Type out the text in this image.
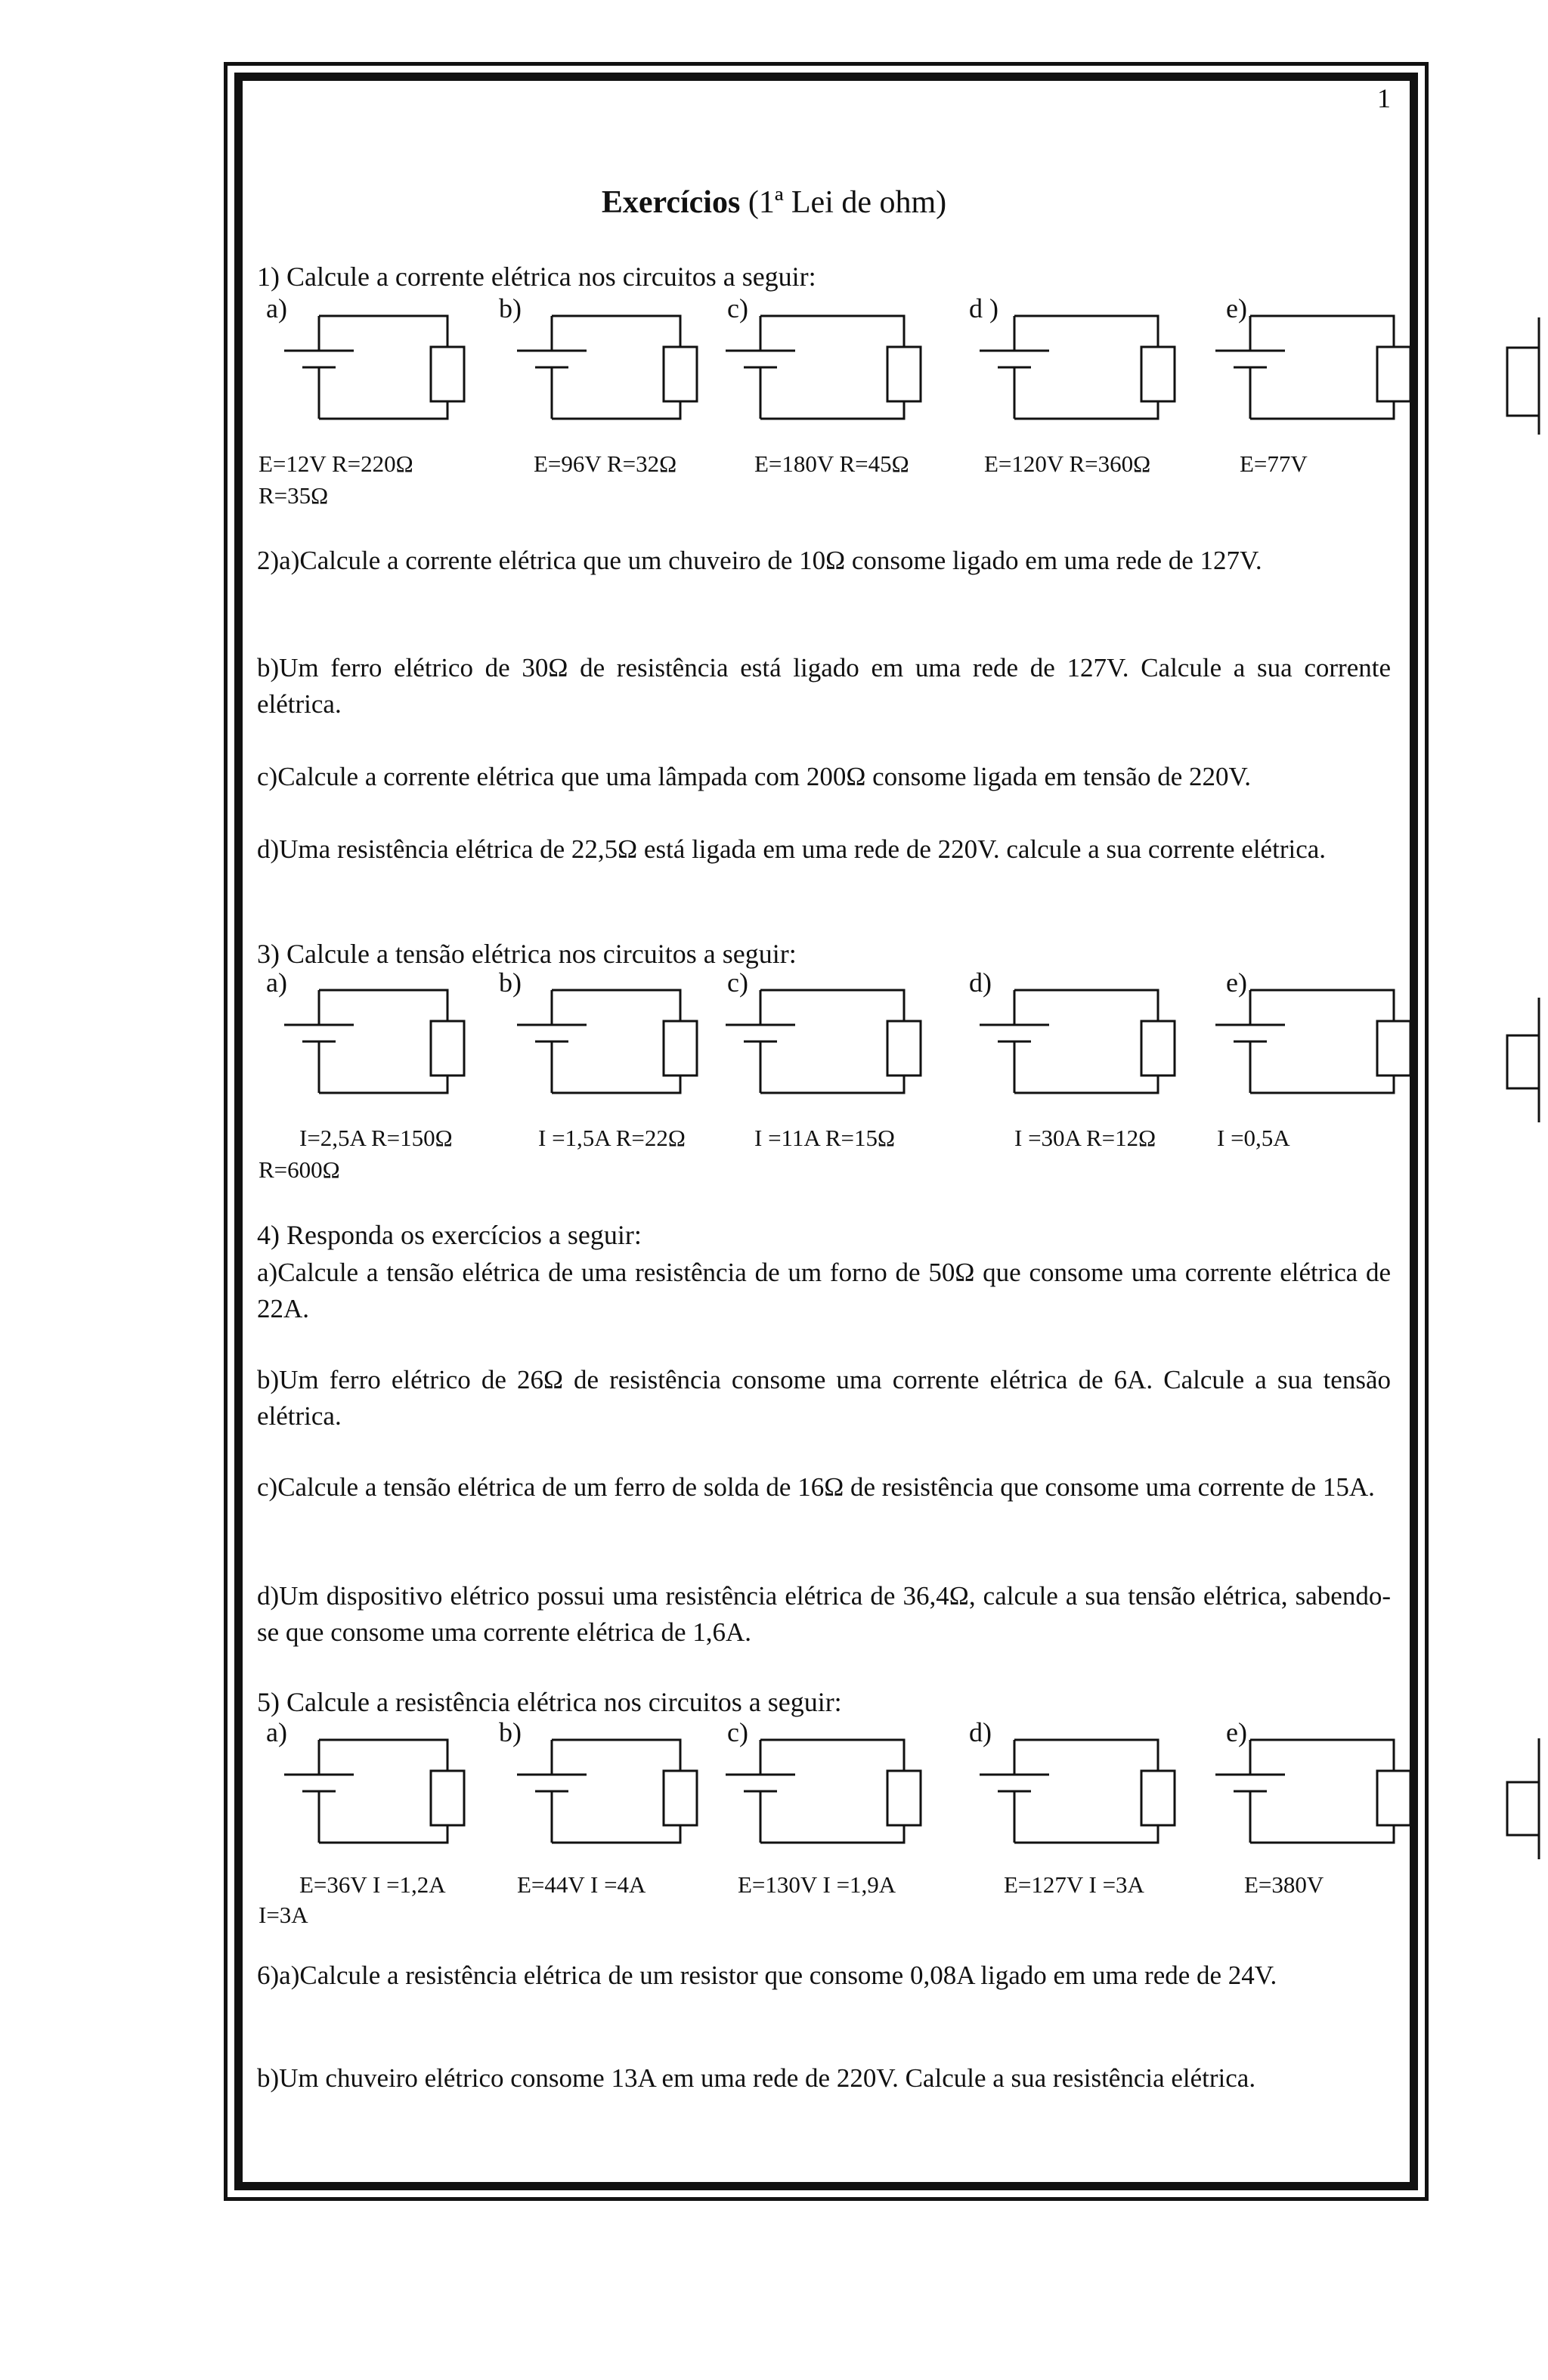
1
Exercícios (1ª Lei de ohm)
1) Calcule a corrente elétrica nos circuitos a seguir:
E=12V R=220Ω	E=96V R=32Ω	E=180V R=45Ω	E=120V R=360Ω	E=77V
R=35Ω
2)a)Calcule a corrente elétrica que um chuveiro de 10Ω consome ligado em uma rede de 127V.
b)Um ferro elétrico de 30Ω de resistência está ligado em uma rede de 127V. Calcule a sua corrente elétrica.
c)Calcule a corrente elétrica que uma lâmpada com 200Ω consome ligada em tensão de 220V.
d)Uma resistência elétrica de 22,5Ω está ligada em uma rede de 220V. calcule a sua corrente elétrica.
3) Calcule a tensão elétrica nos circuitos a seguir:
I=2,5A R=150Ω	I =1,5A R=22Ω	I =11A R=15Ω	I =30A R=12Ω	I =0,5A
R=600Ω
4) Responda os exercícios a seguir:
a)Calcule a tensão elétrica de uma resistência de um forno de 50Ω que consome uma corrente elétrica de 22A.
b)Um ferro elétrico de 26Ω de resistência consome uma corrente elétrica de 6A. Calcule a sua tensão elétrica.
c)Calcule a tensão elétrica de um ferro de solda de 16Ω de resistência que consome uma corrente de 15A.
d)Um dispositivo elétrico possui uma resistência elétrica de 36,4Ω, calcule a sua tensão elétrica, sabendo-se que consome uma corrente elétrica de 1,6A.
5) Calcule a resistência elétrica nos circuitos a seguir:
E=36V I =1,2A	E=44V I =4A	E=130V I =1,9A	E=127V I =3A	E=380V
I=3A
6)a)Calcule a resistência elétrica de um resistor que consome 0,08A ligado em uma rede de 24V.
b)Um chuveiro elétrico consome 13A em uma rede de 220V. Calcule a sua resistência elétrica.
a)	b)	c)	d )	e)
a)	b)	c)	d)	e)
a)	b)	c)	d)	e)
